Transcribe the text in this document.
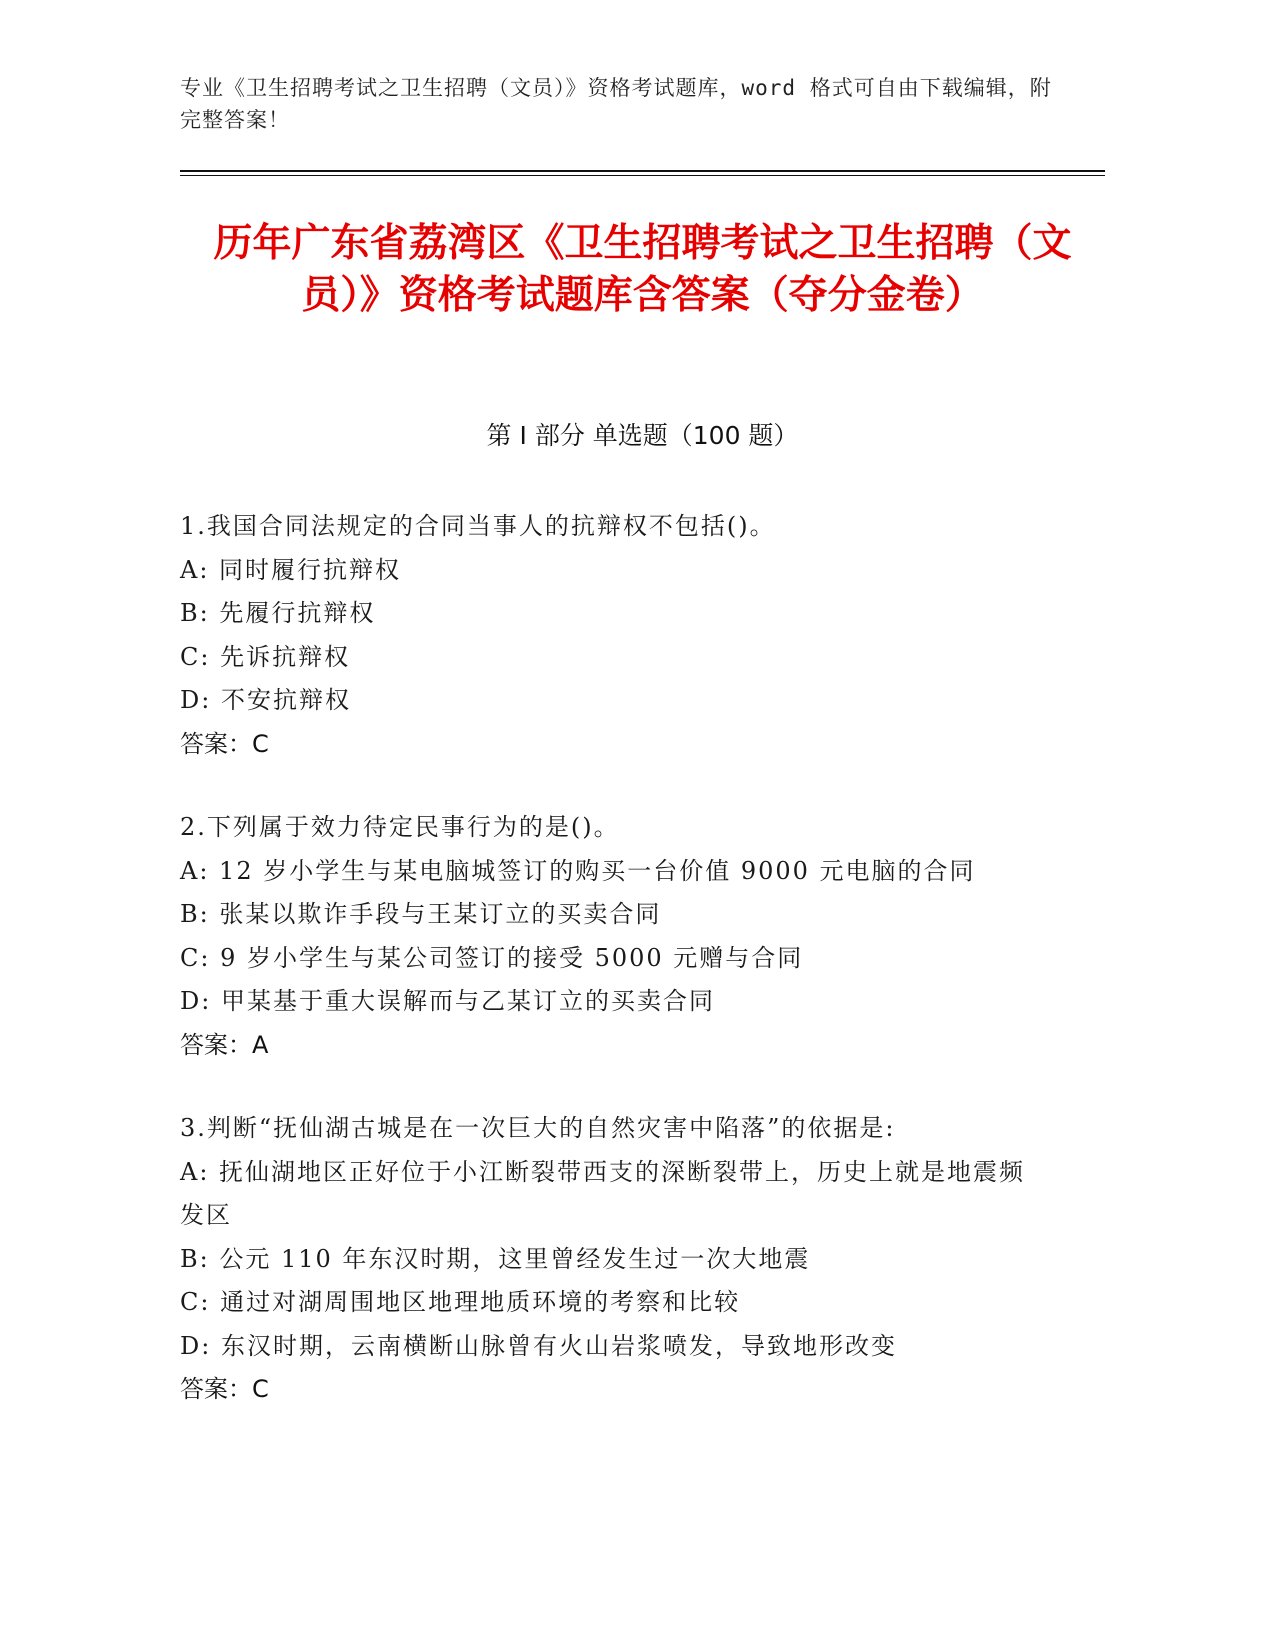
专业《卫生招聘考试之卫生招聘（文员）》资格考试题库，word 格式可自由下载编辑，附完整答案！
历年广东省荔湾区《卫生招聘考试之卫生招聘（文员）》资格考试题库含答案（夺分金卷）
第 I 部分 单选题（100 题）
1.我国合同法规定的合同当事人的抗辩权不包括()。
A: 同时履行抗辩权
B: 先履行抗辩权
C: 先诉抗辩权
D: 不安抗辩权
答案：C
2.下列属于效力待定民事行为的是()。
A: 12 岁小学生与某电脑城签订的购买一台价值 9000 元电脑的合同
B: 张某以欺诈手段与王某订立的买卖合同
C: 9 岁小学生与某公司签订的接受 5000 元赠与合同
D: 甲某基于重大误解而与乙某订立的买卖合同
答案：A
3.判断“抚仙湖古城是在一次巨大的自然灾害中陷落”的依据是:
A: 抚仙湖地区正好位于小江断裂带西支的深断裂带上，历史上就是地震频发区
B: 公元 110 年东汉时期，这里曾经发生过一次大地震
C: 通过对湖周围地区地理地质环境的考察和比较
D: 东汉时期，云南横断山脉曾有火山岩浆喷发，导致地形改变
答案：C
